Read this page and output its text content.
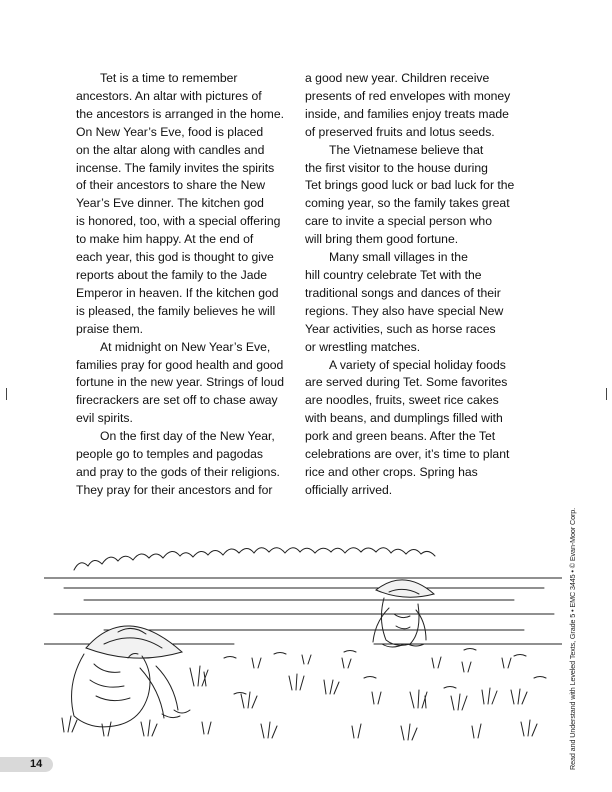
Tet is a time to remember
ancestors. An altar with pictures of
the ancestors is arranged in the home.
On New Year’s Eve, food is placed
on the altar along with candles and
incense. The family invites the spirits
of their ancestors to share the New
Year’s Eve dinner. The kitchen god
is honored, too, with a special offering
to make him happy. At the end of
each year, this god is thought to give
reports about the family to the Jade
Emperor in heaven. If the kitchen god
is pleased, the family believes he will
praise them.

At midnight on New Year’s Eve,
families pray for good health and good
fortune in the new year. Strings of loud
firecrackers are set off to chase away
evil spirits.

On the first day of the New Year,
people go to temples and pagodas
and pray to the gods of their religions.
They pray for their ancestors and for

a good new year. Children receive
presents of red envelopes with money
inside, and families enjoy treats made
of preserved fruits and lotus seeds.

The Vietnamese believe that
the first visitor to the house during
Tet brings good luck or bad luck for the
coming year, so the family takes great
care to invite a special person who
will bring them good fortune.

Many small villages in the
hill country celebrate Tet with the
traditional songs and dances of their
regions. They also have special New
Year activities, such as horse races
or wrestling matches.

A variety of special holiday foods
are served during Tet. Some favorites
are noodles, fruits, sweet rice cakes
with beans, and dumplings filled with
pork and green beans. After the Tet
celebrations are over, it’s time to plant
rice and other crops. Spring has
officially arrived.

14	Read and Understand with Leveled Texts, Grade 5 • EMC 3445 • © Evan-Moor Corp.
